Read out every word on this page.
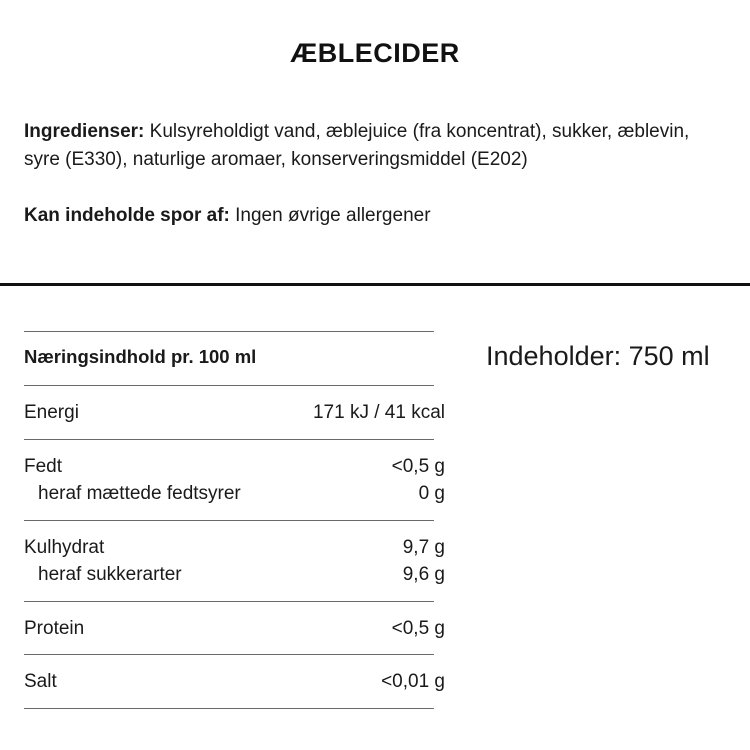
ÆBLECIDER
Ingredienser: Kulsyreholdigt vand, æblejuice (fra koncentrat), sukker, æblevin, syre (E330), naturlige aromaer, konserveringsmiddel (E202)
Kan indeholde spor af: Ingen øvrige allergener
Indeholder: 750 ml
Næringsindhold pr. 100 ml
Energi	171 kJ / 41 kcal
Fedt	<0,5 g
heraf mættede fedtsyrer	0 g
Kulhydrat	9,7 g
heraf sukkerarter	9,6 g
Protein	<0,5 g
Salt	<0,01 g
